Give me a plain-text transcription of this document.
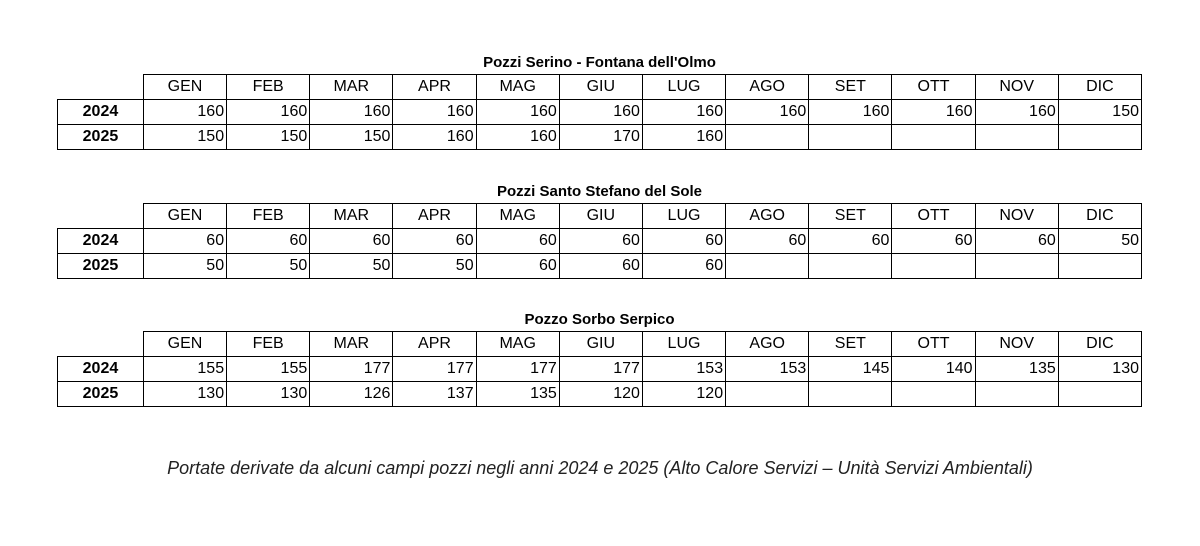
Pozzi Serino - Fontana dell'Olmo
	GEN	FEB	MAR	APR	MAG	GIU	LUG	AGO	SET	OTT	NOV	DIC
2024	160	160	160	160	160	160	160	160	160	160	160	150
2025	150	150	150	160	160	170	160					
Pozzi Santo Stefano del Sole
	GEN	FEB	MAR	APR	MAG	GIU	LUG	AGO	SET	OTT	NOV	DIC
2024	60	60	60	60	60	60	60	60	60	60	60	50
2025	50	50	50	50	60	60	60					
Pozzo Sorbo Serpico
	GEN	FEB	MAR	APR	MAG	GIU	LUG	AGO	SET	OTT	NOV	DIC
2024	155	155	177	177	177	177	153	153	145	140	135	130
2025	130	130	126	137	135	120	120					
Portate derivate da alcuni campi pozzi negli anni 2024 e 2025 (Alto Calore Servizi – Unità Servizi Ambientali)
